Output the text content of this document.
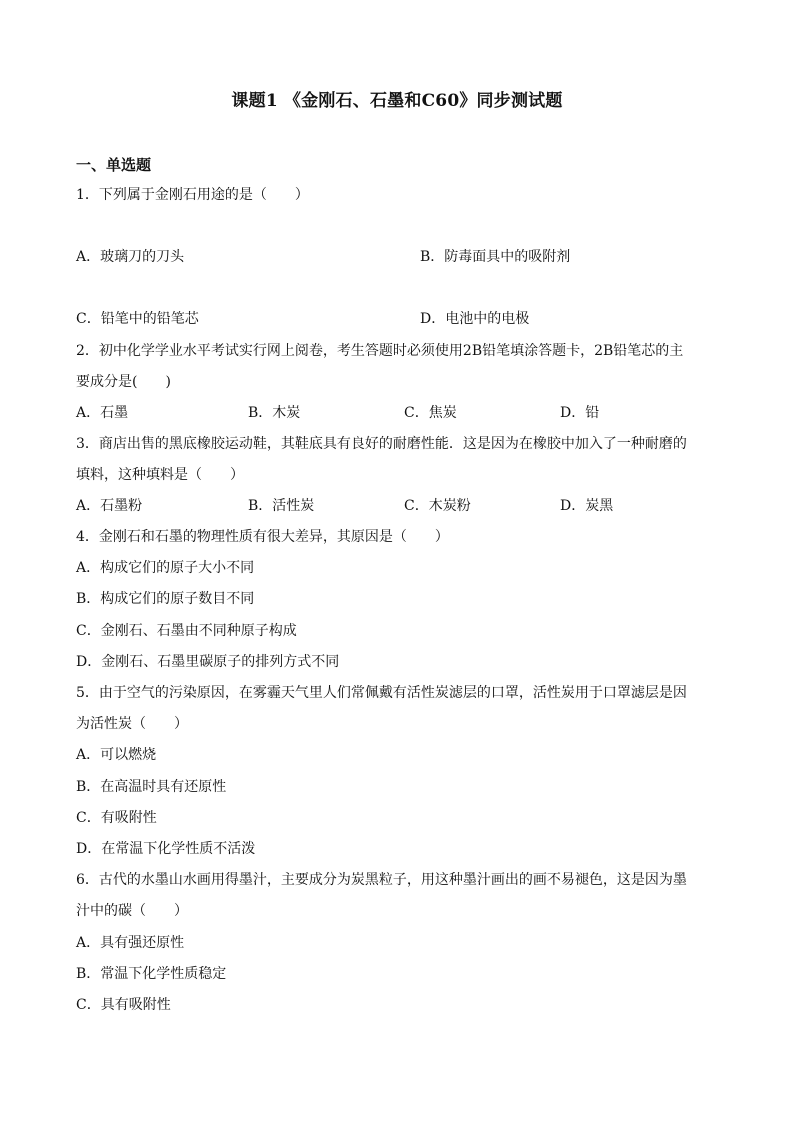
课题1 《金刚石、石墨和C60》同步测试题
一、单选题
1．下列属于金刚石用途的是（　　）
A．玻璃刀的刀头	B．防毒面具中的吸附剂
C．铅笔中的铅笔芯	D．电池中的电极
2．初中化学学业水平考试实行网上阅卷，考生答题时必须使用2B铅笔填涂答题卡，2B铅笔芯的主
要成分是(　　)
A．石墨	B．木炭	C．焦炭	D．铅
3．商店出售的黑底橡胶运动鞋，其鞋底具有良好的耐磨性能．这是因为在橡胶中加入了一种耐磨的
填料，这种填料是（　　）
A．石墨粉	B．活性炭	C．木炭粉	D．炭黑
4．金刚石和石墨的物理性质有很大差异，其原因是（　　）
A．构成它们的原子大小不同
B．构成它们的原子数目不同
C．金刚石、石墨由不同种原子构成
D．金刚石、石墨里碳原子的排列方式不同
5．由于空气的污染原因，在雾霾天气里人们常佩戴有活性炭滤层的口罩，活性炭用于口罩滤层是因
为活性炭（　　）
A．可以燃烧
B．在高温时具有还原性
C．有吸附性
D．在常温下化学性质不活泼
6．古代的水墨山水画用得墨汁，主要成分为炭黑粒子，用这种墨汁画出的画不易褪色，这是因为墨
汁中的碳（　　）
A．具有强还原性
B．常温下化学性质稳定
C．具有吸附性
